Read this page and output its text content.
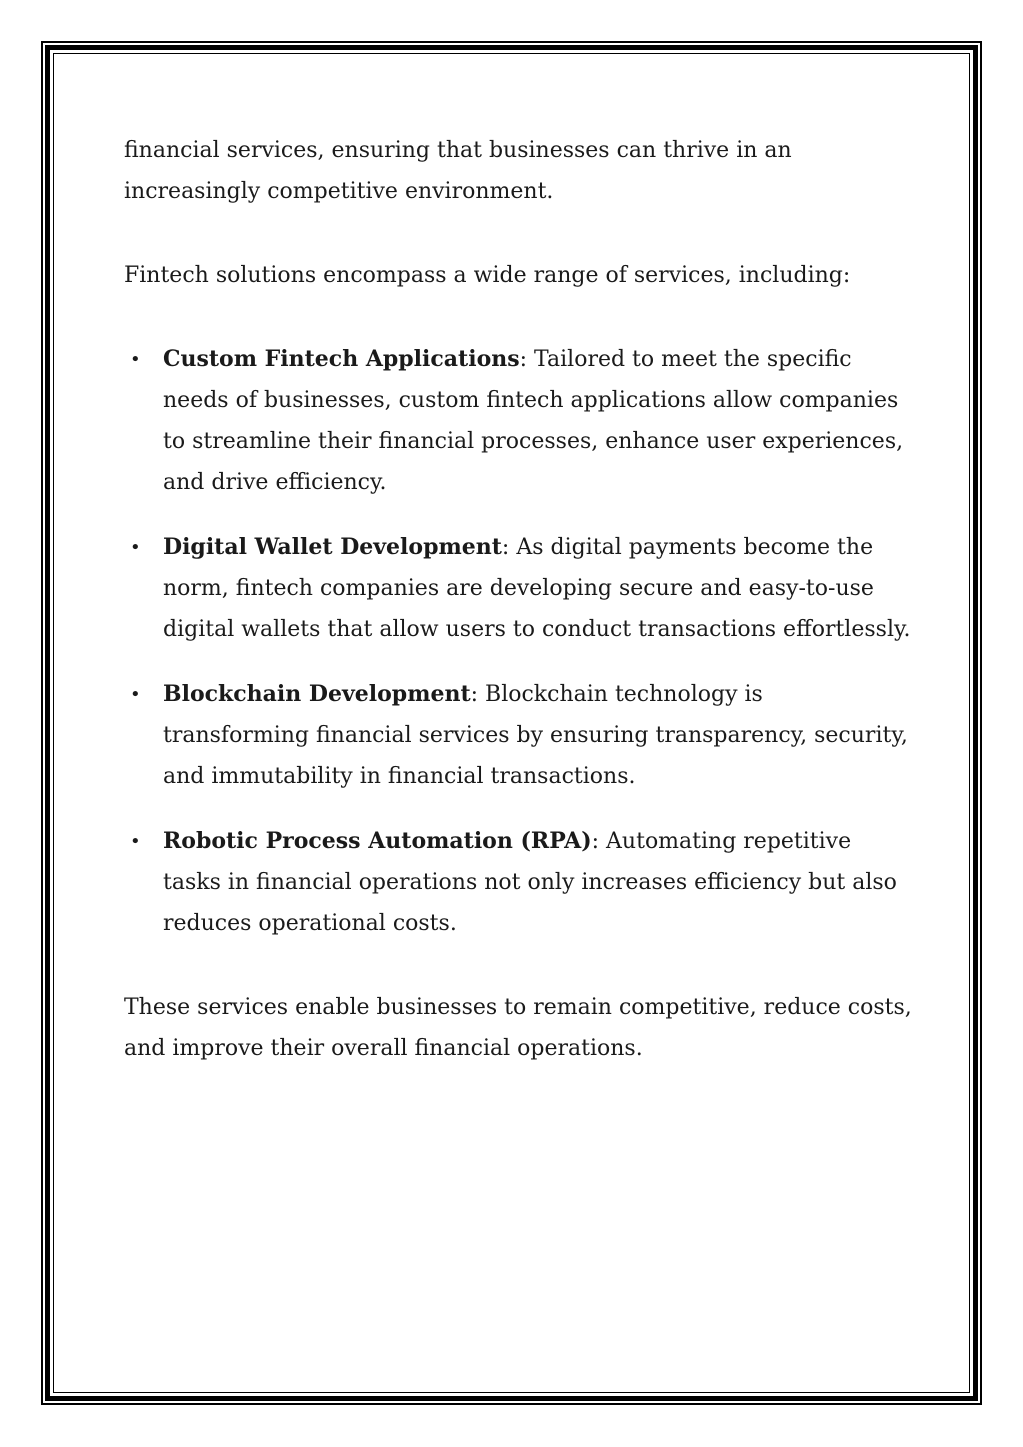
financial services, ensuring that businesses can thrive in an increasingly competitive environment.

Fintech solutions encompass a wide range of services, including:

• Custom Fintech Applications: Tailored to meet the specific needs of businesses, custom fintech applications allow companies to streamline their financial processes, enhance user experiences, and drive efficiency.
• Digital Wallet Development: As digital payments become the norm, fintech companies are developing secure and easy-to-use digital wallets that allow users to conduct transactions effortlessly.
• Blockchain Development: Blockchain technology is transforming financial services by ensuring transparency, security, and immutability in financial transactions.
• Robotic Process Automation (RPA): Automating repetitive tasks in financial operations not only increases efficiency but also reduces operational costs.

These services enable businesses to remain competitive, reduce costs, and improve their overall financial operations.
